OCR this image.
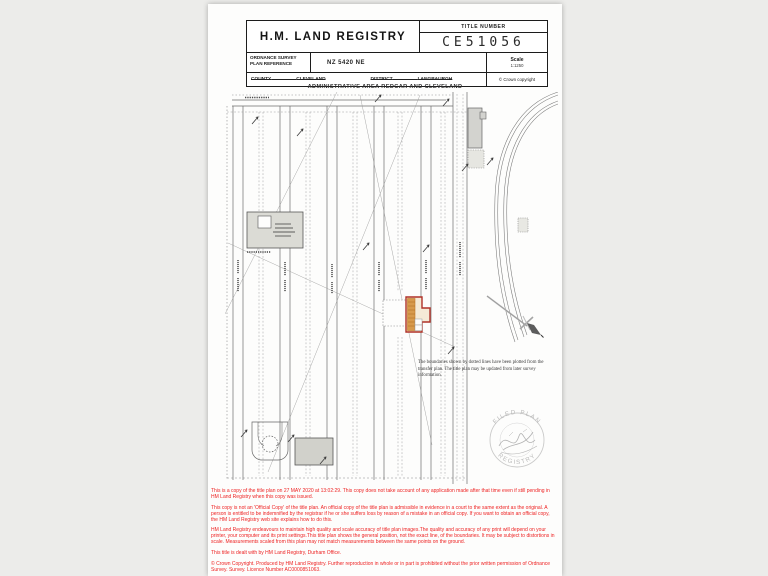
H.M. LAND REGISTRY
TITLE NUMBER
CE51056
ORDNANCE SURVEY
PLAN REFERENCE	NZ 5420 NE	Scale
1:1250
COUNTY	CLEVELAND	DISTRICT	LANGBAURGH	© Crown copyright
ADMINISTRATIVE AREA REDCAR AND CLEVELAND
The boundaries shown by dotted lines have been plotted from the transfer plan. The title plan may be updated from later survey information.
FILED PLAN
REGISTRY

This is a copy of the title plan on 27 MAY 2020 at 13:02:29. This copy does not take account of any application made after that time even if still pending in HM Land Registry when this copy was issued.

This copy is not an 'Official Copy' of the title plan. An official copy of the title plan is admissible in evidence in a court to the same extent as the original. A person is entitled to be indemnified by the registrar if he or she suffers loss by reason of a mistake in an official copy. If you want to obtain an official copy, the HM Land Registry web site explains how to do this.

HM Land Registry endeavours to maintain high quality and scale accuracy of title plan images.The quality and accuracy of any print will depend on your printer, your computer and its print settings.This title plan shows the general position, not the exact line, of the boundaries. It may be subject to distortions in scale. Measurements scaled from this plan may not match measurements between the same points on the ground.

This title is dealt with by HM Land Registry, Durham Office.

© Crown Copyright. Produced by HM Land Registry. Further reproduction in whole or in part is prohibited without the prior written permission of Ordnance Survey. Survey. Licence Number AC0000851063.
